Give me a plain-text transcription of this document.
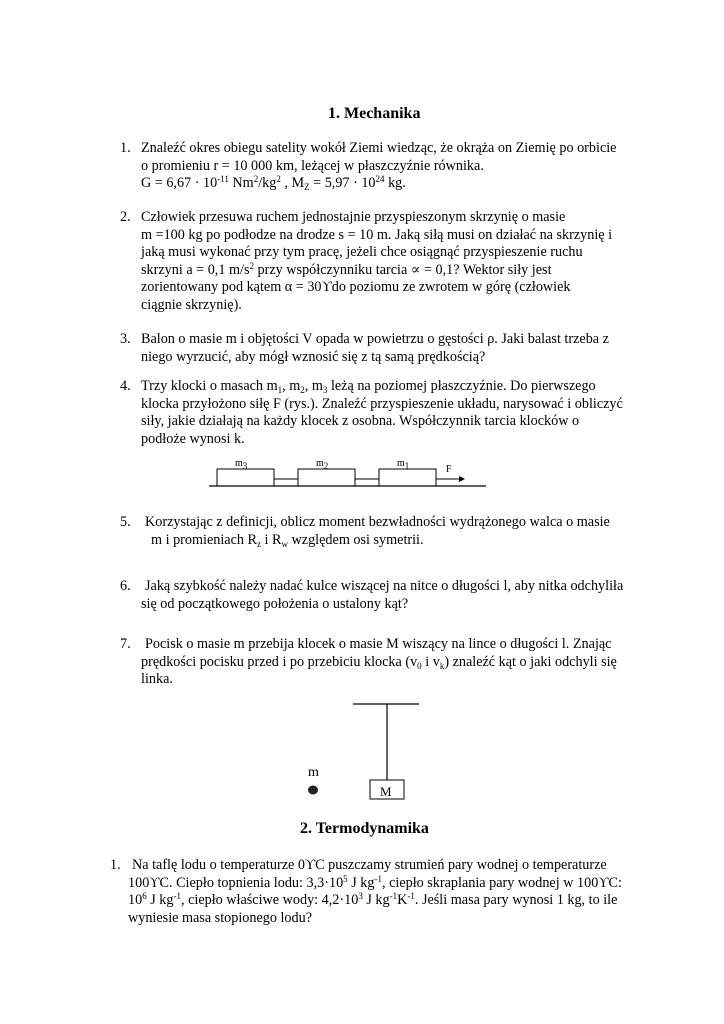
1. Mechanika
1. Znaleźć okres obiegu satelity wokół Ziemi wiedząc, że okrąża on Ziemię po orbicie
o promieniu r = 10 000 km, leżącej w płaszczyźnie równika.
$G = 6,67 \cdot 10^{-11}$ $Nm^2/kg^2$ , $M_Z = 5,97 \cdot 10^{24}$ kg.
2. Człowiek przesuwa ruchem jednostajnie przyspieszonym skrzynię o masie
m =100 kg po podłodze na drodze s = 10 m. Jaką siłą musi on działać na skrzynię i
jaką musi wykonać przy tym pracę, jeżeli chce osiągnąć przyspieszenie ruchu
skrzyni a = 0,1 $m/s^2$ przy współczynniku tarcia ∝ = 0,1? Wektor siły jest
zorientowany pod kątem α = 30ϒdo poziomu ze zwrotem w górę (człowiek
ciągnie skrzynię).
3. Balon o masie m i objętości V opada w powietrzu o gęstości ρ. Jaki balast trzeba z
niego wyrzucić, aby mógł wznosić się z tą samą prędkością?
4. Trzy klocki o masach $m_1$, $m_2$, $m_3$ leżą na poziomej płaszczyźnie. Do pierwszego
klocka przyłożono siłę F (rys.). Znaleźć przyspieszenie układu, narysować i obliczyć
siły, jakie działają na każdy klocek z osobna. Współczynnik tarcia klocków o
podłoże wynosi k.
$m_3$	$m_2$	$m_1$	F
5. Korzystając z definicji, oblicz moment bezwładności wydrążonego walca o masie
m i promieniach $R_z$ i $R_w$ względem osi symetrii.
6. Jaką szybkość należy nadać kulce wiszącej na nitce o długości l, aby nitka odchyliła
się od początkowego położenia o ustalony kąt?
7. Pocisk o masie m przebija klocek o masie M wiszący na lince o długości l. Znając
prędkości pocisku przed i po przebiciu klocka ($v_0$ i $v_k$) znaleźć kąt o jaki odchyli się
linka.
m
M
2. Termodynamika
1. Na taflę lodu o temperaturze 0ϒC puszczamy strumień pary wodnej o temperaturze
100ϒC. Ciepło topnienia lodu: $3,3\cdot 10^5$ J $kg^{-1}$, ciepło skraplania pary wodnej w 100ϒC:
$10^6$ J $kg^{-1}$, ciepło właściwe wody: $4,2\cdot 10^3$ J $kg^{-1}K^{-1}$. Jeśli masa pary wynosi 1 kg, to ile
wyniesie masa stopionego lodu?
